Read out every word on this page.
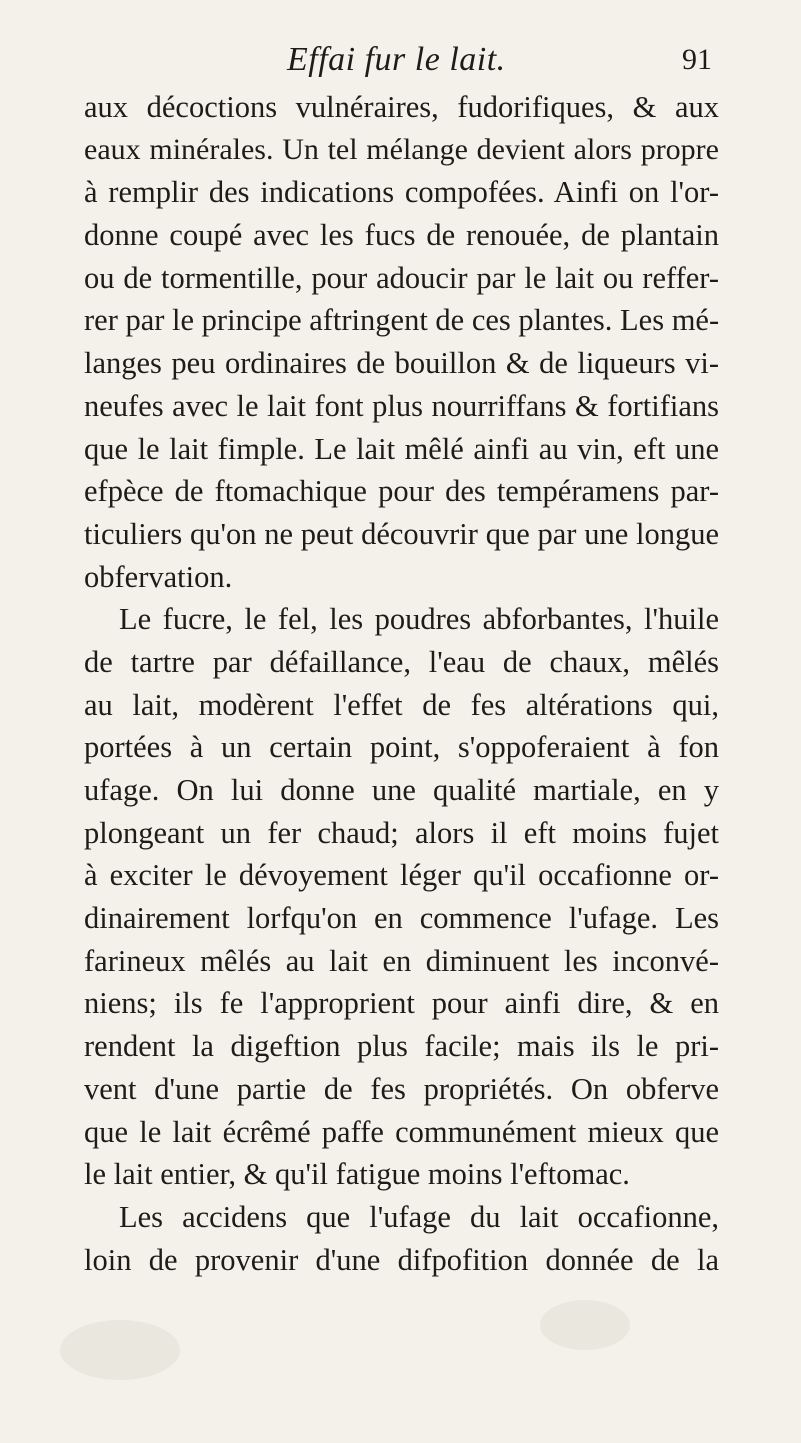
Effai fur le lait.	91
aux décoctions vulnéraires, fudorifiques, & aux
eaux minérales. Un tel mélange devient alors propre
à remplir des indications compofées. Ainfi on l'or-
donne coupé avec les fucs de renouée, de plantain
ou de tormentille, pour adoucir par le lait ou reffer-
rer par le principe aftringent de ces plantes. Les mé-
langes peu ordinaires de bouillon & de liqueurs vi-
neufes avec le lait font plus nourriffans & fortifians
que le lait fimple. Le lait mêlé ainfi au vin, eft une
efpèce de ftomachique pour des tempéramens par-
ticuliers qu'on ne peut découvrir que par une longue
obfervation.
Le fucre, le fel, les poudres abforbantes, l'huile
de tartre par défaillance, l'eau de chaux, mêlés
au lait, modèrent l'effet de fes altérations qui,
portées à un certain point, s'oppoferaient à fon
ufage. On lui donne une qualité martiale, en y
plongeant un fer chaud; alors il eft moins fujet
à exciter le dévoyement léger qu'il occafionne or-
dinairement lorfqu'on en commence l'ufage. Les
farineux mêlés au lait en diminuent les inconvé-
niens; ils fe l'approprient pour ainfi dire, & en
rendent la digeftion plus facile; mais ils le pri-
vent d'une partie de fes propriétés. On obferve
que le lait écrêmé paffe communément mieux que
le lait entier, & qu'il fatigue moins l'eftomac.
Les accidens que l'ufage du lait occafionne,
loin de provenir d'une difpofition donnée de la
